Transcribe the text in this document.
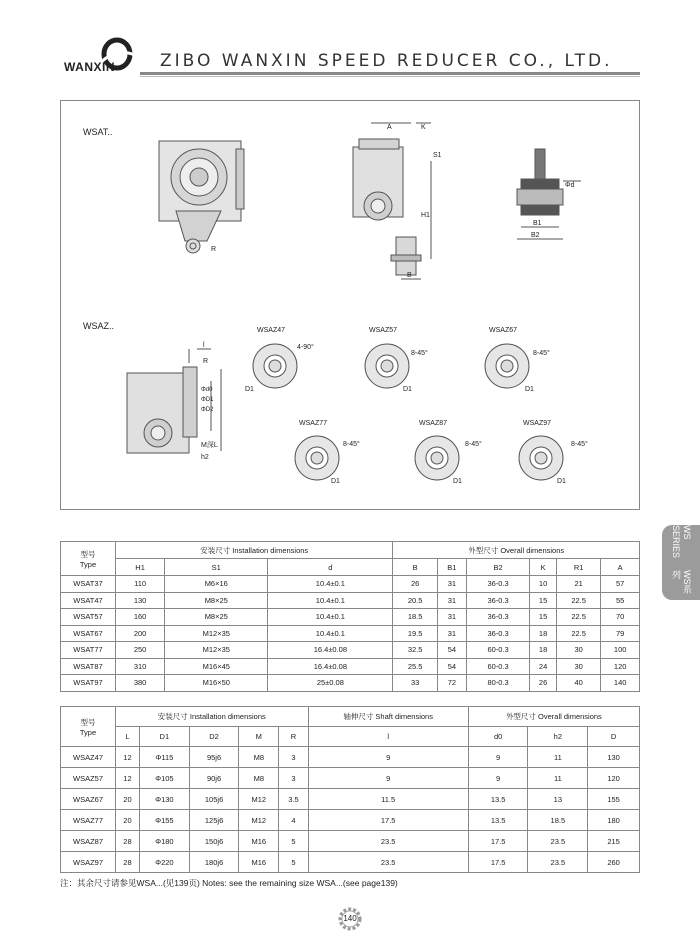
WANXIN	ZIBO WANXIN SPEED REDUCER CO., LTD.
WSAT..
WSAZ..
A	K
S1
H1
B
Φd
B1
B2
R
l
R
ΦD1
ΦD2
Φd0
M深L
h2
WSAZ47
4-90°
D1
WSAZ57
8-45°
D1
WSAZ67
8-45°
D1
WSAZ77
8-45°
D1
WSAZ87
8-45°
D1
WSAZ97
8-45°
D1
WS SERIES
WS系列
型号
Type	安装尺寸 Installation dimensions			外型尺寸 Overall dimensions					
	H1	S1	d	B	B1	B2	K	R1	A
WSAT37	110	M6×16	10.4±0.1	26	31	36-0.3	10	21	57
WSAT47	130	M8×25	10.4±0.1	20.5	31	36-0.3	15	22.5	55
WSAT57	160	M8×25	10.4±0.1	18.5	31	36-0.3	15	22.5	70
WSAT67	200	M12×35	10.4±0.1	19.5	31	36-0.3	18	22.5	79
WSAT77	250	M12×35	16.4±0.08	32.5	54	60-0.3	18	30	100
WSAT87	310	M16×45	16.4±0.08	25.5	54	60-0.3	24	30	120
WSAT97	380	M16×50	25±0.08	33	72	80-0.3	26	40	140
型号
Type	安装尺寸 Installation dimensions					轴伸尺寸 Shaft dimensions	外型尺寸 Overall dimensions		
	L	D1	D2	M	R	l	d0	h2	D
WSAZ47	12	Φ115	95j6	M8	3	9	9	11	130
WSAZ57	12	Φ105	90j6	M8	3	9	9	11	120
WSAZ67	20	Φ130	105j6	M12	3.5	11.5	13.5	13	155
WSAZ77	20	Φ155	125j6	M12	4	17.5	13.5	18.5	180
WSAZ87	28	Φ180	150j6	M16	5	23.5	17.5	23.5	215
WSAZ97	28	Φ220	180j6	M16	5	23.5	17.5	23.5	260
注：其余尺寸请参见WSA...(见139页) Notes: see the remaining size WSA...(see page139)
140
